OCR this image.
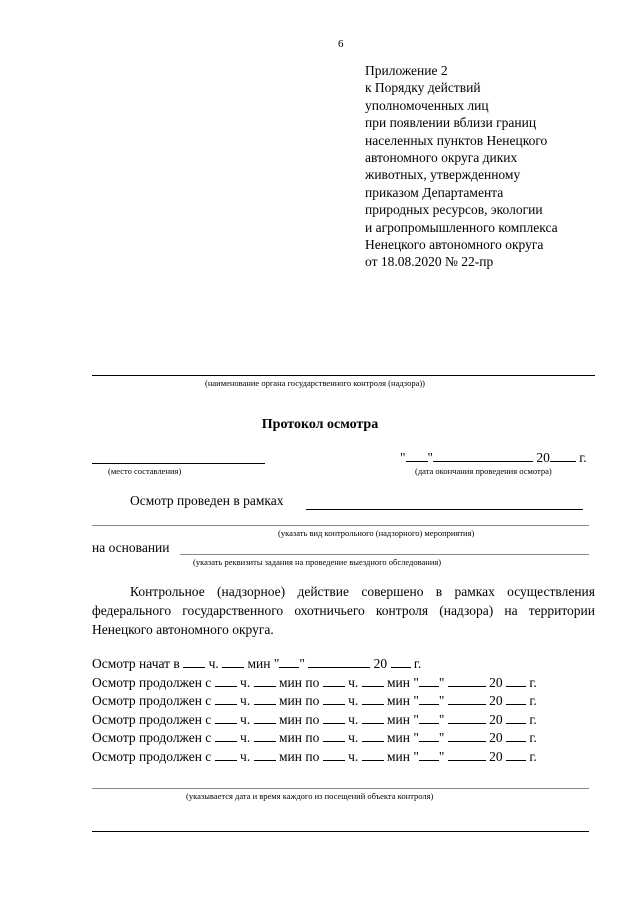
6
Приложение 2
к Порядку действий
уполномоченных лиц
при появлении вблизи границ
населенных пунктов Ненецкого
автономного округа диких
животных, утвержденному
приказом Департамента
природных ресурсов, экологии
и агропромышленного комплекса
Ненецкого автономного округа
от 18.08.2020 № 22-пр
(наименование органа государственного контроля (надзора))
Протокол осмотра
" "	20 г.
(место составления)	(дата окончания проведения осмотра)
Осмотр проведен в рамках
(указать вид контрольного (надзорного) мероприятия)
на основании
(указать реквизиты задания на проведение выездного обследования)
Контрольное (надзорное) действие совершено в рамках осуществления федерального государственного охотничьего контроля (надзора) на территории Ненецкого автономного округа.
Осмотр начат в ч. мин " "	20 г.
Осмотр продолжен с ч. мин по ч. мин " "	20 г.
Осмотр продолжен с ч. мин по ч. мин " "	20 г.
Осмотр продолжен с ч. мин по ч. мин " "	20 г.
Осмотр продолжен с ч. мин по ч. мин " "	20 г.
Осмотр продолжен с ч. мин по ч. мин " "	20 г.
(указывается дата и время каждого из посещений объекта контроля)
